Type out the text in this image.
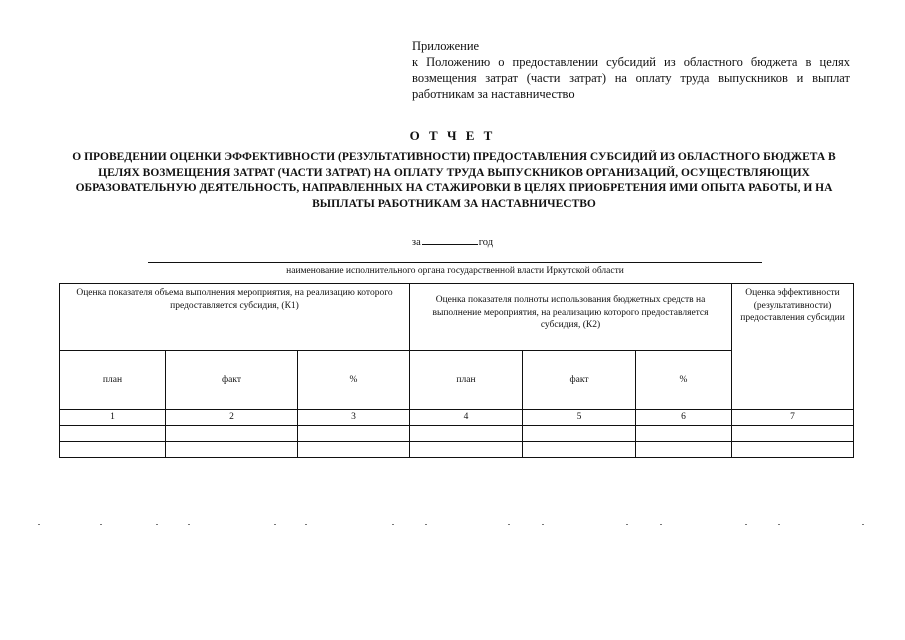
Приложение
к Положению о предоставлении субсидий из областного бюджета в целях возмещения затрат (части затрат) на оплату труда выпускников и выплат работникам за наставничество
О Т Ч Е Т
О ПРОВЕДЕНИИ ОЦЕНКИ ЭФФЕКТИВНОСТИ (РЕЗУЛЬТАТИВНОСТИ) ПРЕДОСТАВЛЕНИЯ СУБСИДИЙ ИЗ ОБЛАСТНОГО БЮДЖЕТА В ЦЕЛЯХ ВОЗМЕЩЕНИЯ ЗАТРАТ (ЧАСТИ ЗАТРАТ) НА ОПЛАТУ ТРУДА ВЫПУСКНИКОВ ОРГАНИЗАЦИЙ, ОСУЩЕСТВЛЯЮЩИХ ОБРАЗОВАТЕЛЬНУЮ ДЕЯТЕЛЬНОСТЬ, НАПРАВЛЕННЫХ НА СТАЖИРОВКИ В ЦЕЛЯХ ПРИОБРЕТЕНИЯ ИМИ ОПЫТА РАБОТЫ, И НА ВЫПЛАТЫ РАБОТНИКАМ ЗА НАСТАВНИЧЕСТВО
за	год
наименование исполнительного органа государственной власти Иркутской области
Оценка показателя объема выполнения мероприятия, на реализацию которого предоставляется субсидия, (К1)			Оценка показателя полноты использования бюджетных средств на выполнение мероприятия, на реализацию которого предоставляется субсидия, (К2)			Оценка эффективности (результативности) предоставления субсидии
план	факт	%	план	факт	%	
1	2	3	4	5	6	7
